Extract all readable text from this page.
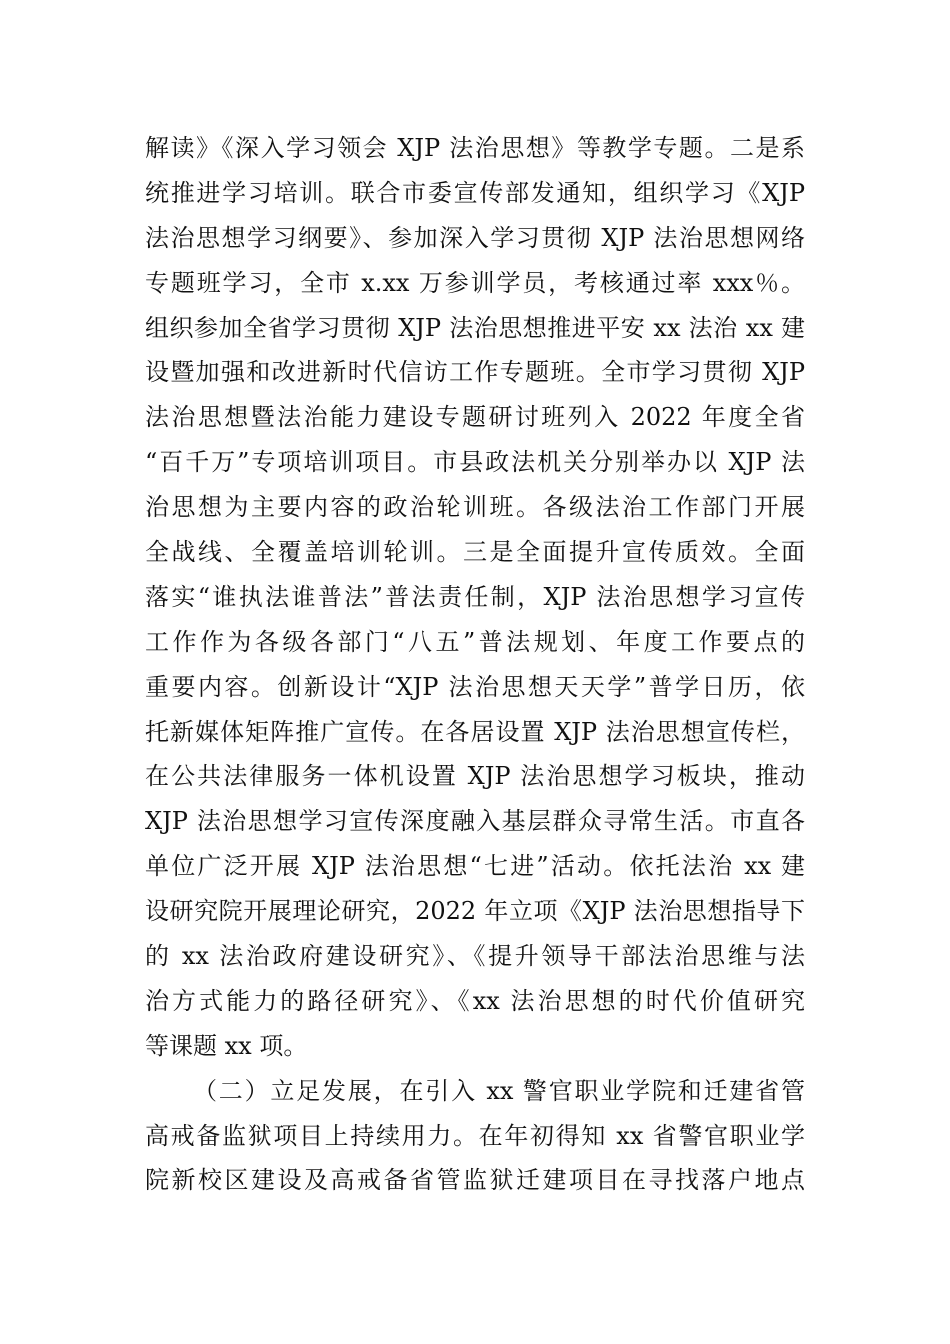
解读》《深入学习领会 XJP 法治思想》等教学专题。二是系
统推进学习培训。联合市委宣传部发通知，组织学习《XJP
法治思想学习纲要》、参加深入学习贯彻 XJP 法治思想网络
专题班学习，全市 x.xx 万参训学员，考核通过率 xxx％。
组织参加全省学习贯彻 XJP 法治思想推进平安 xx 法治 xx 建
设暨加强和改进新时代信访工作专题班。全市学习贯彻 XJP
法治思想暨法治能力建设专题研讨班列入 2022 年度全省
“百千万”专项培训项目。市县政法机关分别举办以 XJP 法
治思想为主要内容的政治轮训班。各级法治工作部门开展
全战线、全覆盖培训轮训。三是全面提升宣传质效。全面
落实“谁执法谁普法”普法责任制，XJP 法治思想学习宣传
工作作为各级各部门“八五”普法规划、年度工作要点的
重要内容。创新设计“XJP 法治思想天天学”普学日历，依
托新媒体矩阵推广宣传。在各居设置 XJP 法治思想宣传栏，
在公共法律服务一体机设置 XJP 法治思想学习板块，推动
XJP 法治思想学习宣传深度融入基层群众寻常生活。市直各
单位广泛开展 XJP 法治思想“七进”活动。依托法治 xx 建
设研究院开展理论研究，2022 年立项《XJP 法治思想指导下
的 xx 法治政府建设研究》、《提升领导干部法治思维与法
治方式能力的路径研究》、《xx 法治思想的时代价值研究
等课题 xx 项。
（二）立足发展，在引入 xx 警官职业学院和迁建省管
高戒备监狱项目上持续用力。在年初得知 xx 省警官职业学
院新校区建设及高戒备省管监狱迁建项目在寻找落户地点
